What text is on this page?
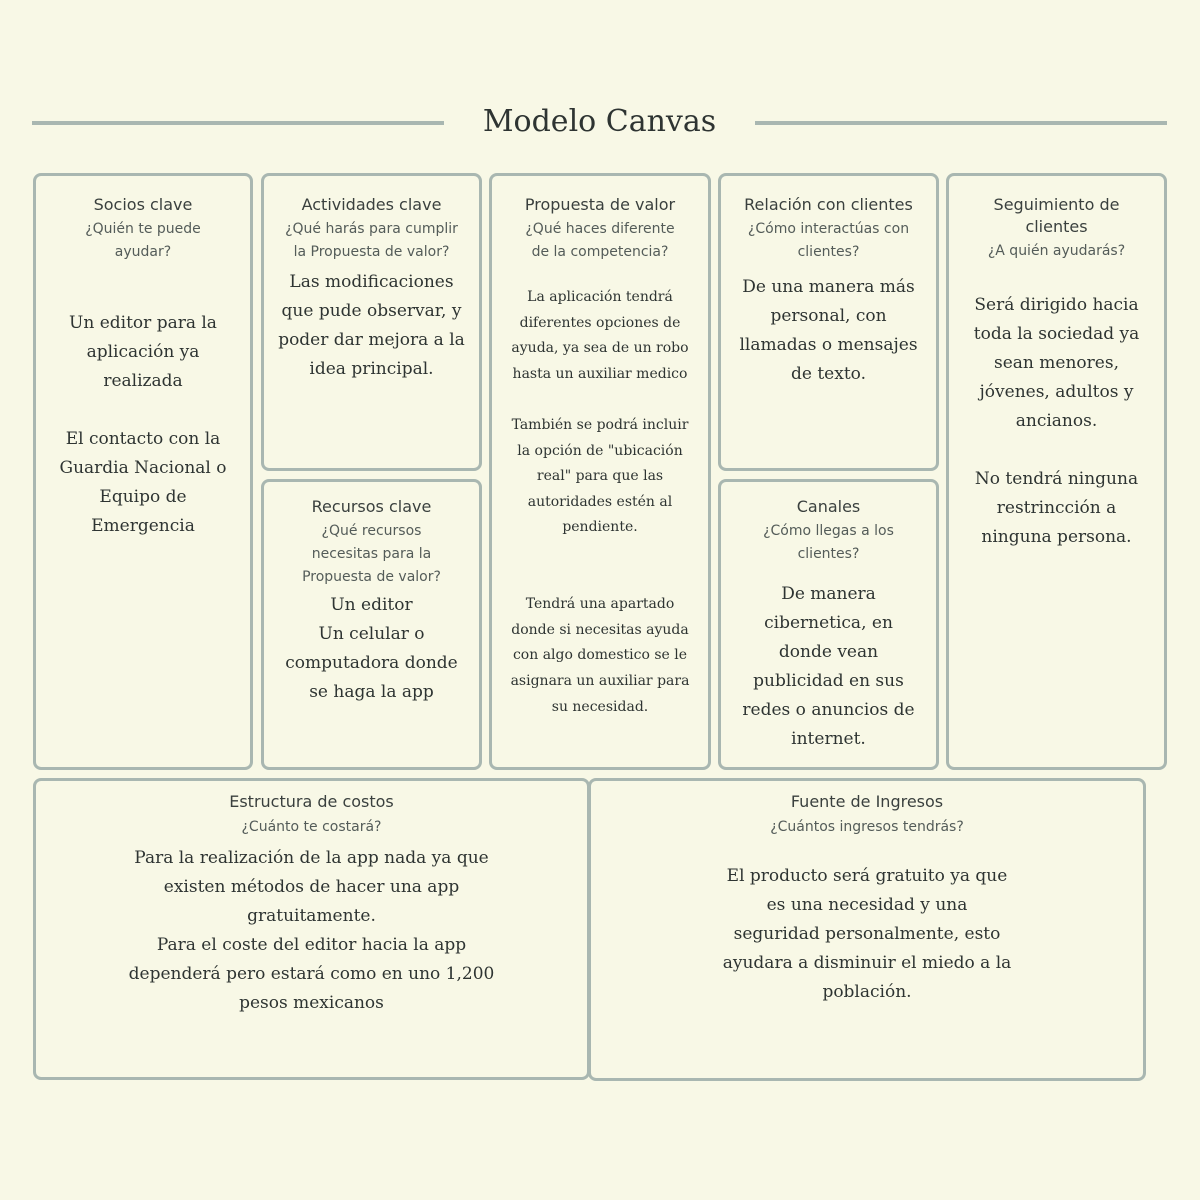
Modelo Canvas
Socios clave
¿Quién te puede ayudar?
Un editor para la aplicación ya realizada

El contacto con la Guardia Nacional o Equipo de Emergencia
Actividades clave
¿Qué harás para cumplir la Propuesta de valor?
Las modificaciones que pude observar, y poder dar mejora a la idea principal.
Recursos clave
¿Qué recursos necesitas para la Propuesta de valor?
Un editor
Un celular o computadora donde se haga la app
Propuesta de valor
¿Qué haces diferente de la competencia?
La aplicación tendrá diferentes opciones de ayuda, ya sea de un robo hasta un auxiliar medico

También se podrá incluir la opción de "ubicación real" para que las autoridades estén al pendiente.

Tendrá una apartado donde si necesitas ayuda con algo domestico se le asignara un auxiliar para su necesidad.
Relación con clientes
¿Cómo interactúas con clientes?
De una manera más personal, con llamadas o mensajes de texto.
Canales
¿Cómo llegas a los clientes?
De manera cibernetica, en donde vean publicidad en sus redes o anuncios de internet.
Seguimiento de clientes
¿A quién ayudarás?
Será dirigido hacia toda la sociedad ya sean menores, jóvenes, adultos y ancianos.

No tendrá ninguna restrincción a ninguna persona.
Estructura de costos
¿Cuánto te costará?
Para la realización de la app nada ya que existen métodos de hacer una app gratuitamente.
Para el coste del editor hacia la app dependerá pero estará como en uno 1,200 pesos mexicanos
Fuente de Ingresos
¿Cuántos ingresos tendrás?
El producto será gratuito ya que es una necesidad y una seguridad personalmente, esto ayudara a disminuir el miedo a la población.
